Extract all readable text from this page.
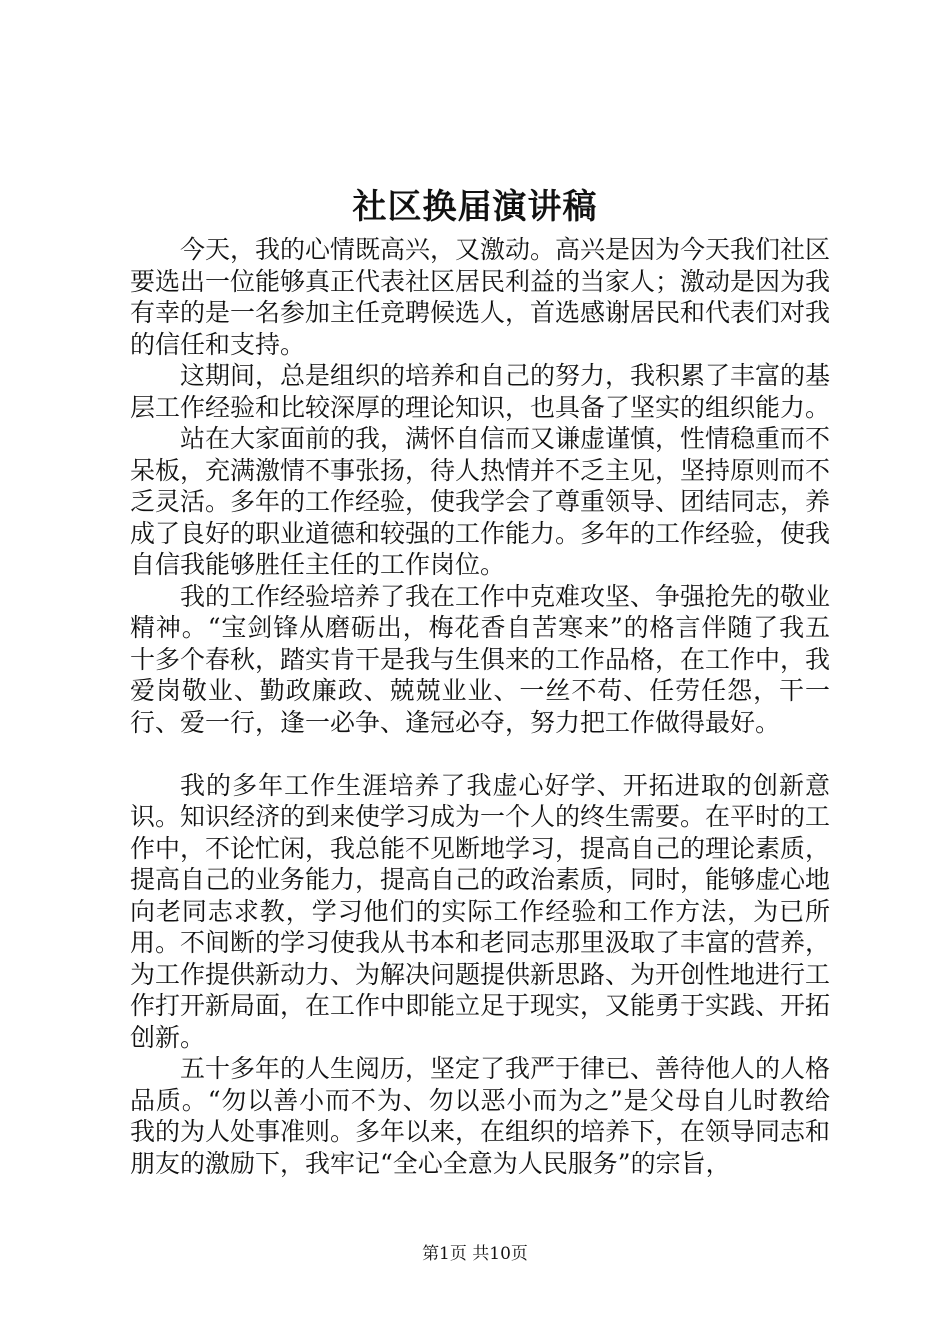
社区换届演讲稿

今天，我的心情既高兴，又激动。高兴是因为今天我们社区要选出一位能够真正代表社区居民利益的当家人；激动是因为我有幸的是一名参加主任竞聘候选人，首选感谢居民和代表们对我的信任和支持。

这期间，总是组织的培养和自己的努力，我积累了丰富的基层工作经验和比较深厚的理论知识，也具备了坚实的组织能力。

站在大家面前的我，满怀自信而又谦虚谨慎，性情稳重而不呆板，充满激情不事张扬，待人热情并不乏主见，坚持原则而不乏灵活。多年的工作经验，使我学会了尊重领导、团结同志，养成了良好的职业道德和较强的工作能力。多年的工作经验，使我自信我能够胜任主任的工作岗位。

我的工作经验培养了我在工作中克难攻坚、争强抢先的敬业精神。“宝剑锋从磨砺出，梅花香自苦寒来”的格言伴随了我五十多个春秋，踏实肯干是我与生俱来的工作品格，在工作中，我爱岗敬业、勤政廉政、兢兢业业、一丝不苟、任劳任怨，干一行、爱一行，逢一必争、逢冠必夺，努力把工作做得最好。

我的多年工作生涯培养了我虚心好学、开拓进取的创新意识。知识经济的到来使学习成为一个人的终生需要。在平时的工作中，不论忙闲，我总能不见断地学习，提高自己的理论素质，提高自己的业务能力，提高自己的政治素质，同时，能够虚心地向老同志求教，学习他们的实际工作经验和工作方法，为已所用。不间断的学习使我从书本和老同志那里汲取了丰富的营养，为工作提供新动力、为解决问题提供新思路、为开创性地进行工作打开新局面，在工作中即能立足于现实，又能勇于实践、开拓创新。

五十多年的人生阅历，坚定了我严于律已、善待他人的人格品质。“勿以善小而不为、勿以恶小而为之”是父母自儿时教给我的为人处事准则。多年以来，在组织的培养下，在领导同志和朋友的激励下，我牢记“全心全意为人民服务”的宗旨，

第1页 共10页
